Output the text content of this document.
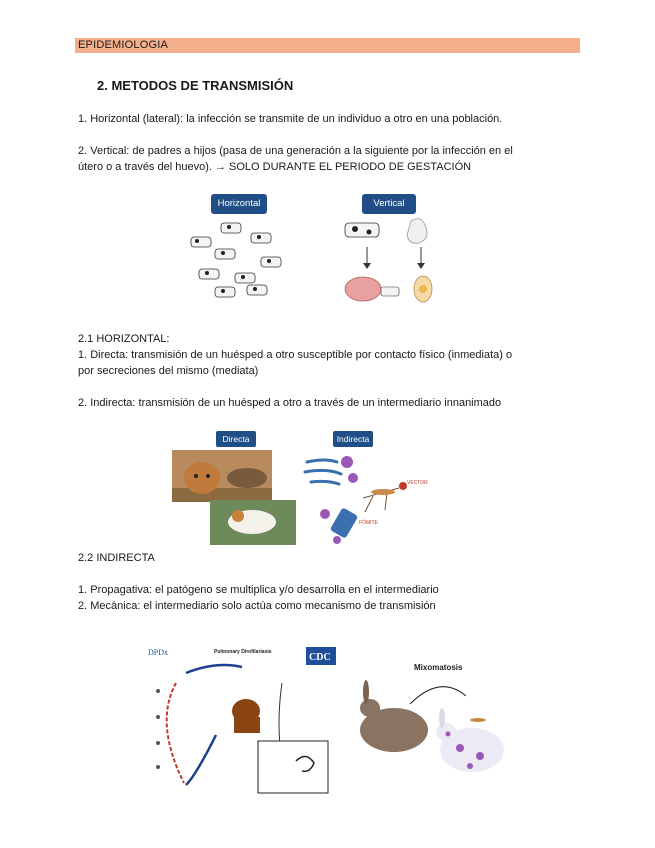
EPIDEMIOLOGIA
2. METODOS DE TRANSMISIÓN
1. Horizontal (lateral): la infección se transmite de un individuo a otro en una población.
2. Vertical: de padres a hijos (pasa de una generación a la siguiente por la infección en el
útero o a través del huevo). → SOLO DURANTE EL PERIODO DE GESTACIÓN
Horizontal	Vertical
2.1 HORIZONTAL:
1. Directa: transmisión de un huésped a otro susceptible por contacto físico (inmediata) o
por secreciones del mismo (mediata)
2. Indirecta: transmisión de un huésped a otro a través de un intermediario innanimado
Directa	Indirecta
VECTOR
FÓMITE
2.2 INDIRECTA
1. Propagativa: el patógeno se multiplica y/o desarrolla en el intermediario
2. Mecánica: el intermediario solo actúa como mecanismo de transmisión
DPDx	Pulmonary Dirofilariasis	CDC
Mixomatosis
